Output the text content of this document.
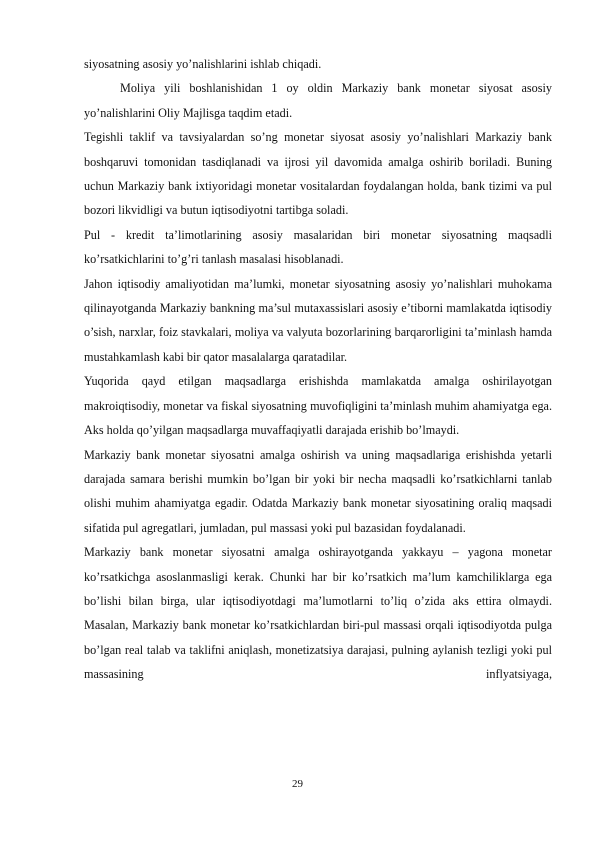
siyosatning asosiy yo’nalishlarini ishlab chiqadi.

Moliya yili boshlanishidan 1 oy oldin Markaziy bank monetar siyosat asosiy yo’nalishlarini Oliy Majlisga taqdim etadi.

Tegishli taklif va tavsiyalardan so’ng monetar siyosat asosiy yo’nalishlari Markaziy bank boshqaruvi tomonidan tasdiqlanadi va ijrosi yil davomida amalga oshirib boriladi. Buning uchun Markaziy bank ixtiyoridagi monetar vositalardan foydalangan holda, bank tizimi va pul bozori likvidligi va butun iqtisodiyotni tartibga soladi.

Pul - kredit ta’limotlarining asosiy masalaridan biri monetar siyosatning maqsadli ko’rsatkichlarini to’g’ri tanlash masalasi hisoblanadi.

Jahon iqtisodiy amaliyotidan ma’lumki, monetar siyosatning asosiy yo’nalishlari muhokama qilinayotganda Markaziy bankning ma’sul mutaxassislari asosiy e’tiborni mamlakatda iqtisodiy o’sish, narxlar, foiz stavkalari, moliya va valyuta bozorlarining barqarorligini ta’minlash hamda mustahkamlash kabi bir qator masalalarga qaratadilar.

Yuqorida qayd etilgan maqsadlarga erishishda mamlakatda amalga oshirilayotgan makroiqtisodiy, monetar va fiskal siyosatning muvofiqligini ta’minlash muhim ahamiyatga ega. Aks holda qo’yilgan maqsadlarga muvaffaqiyatli darajada erishib bo’lmaydi.

Markaziy bank monetar siyosatni amalga oshirish va uning maqsadlariga erishishda yetarli darajada samara berishi mumkin bo’lgan bir yoki bir necha maqsadli ko’rsatkichlarni tanlab olishi muhim ahamiyatga egadir. Odatda Markaziy bank monetar siyosatining oraliq maqsadi sifatida pul agregatlari, jumladan, pul massasi yoki pul bazasidan foydalanadi.

Markaziy bank monetar siyosatni amalga oshirayotganda yakkayu – yagona monetar ko’rsatkichga asoslanmasligi kerak. Chunki har bir ko’rsatkich ma’lum kamchiliklarga ega bo’lishi bilan birga, ular iqtisodiyotdagi ma’lumotlarni to’liq o’zida aks ettira olmaydi. Masalan, Markaziy bank monetar ko’rsatkichlardan biri-pul massasi orqali iqtisodiyotda pulga bo’lgan real talab va taklifni aniqlash, monetizatsiya darajasi, pulning aylanish tezligi yoki pul massasining inflyatsiyaga,

29
